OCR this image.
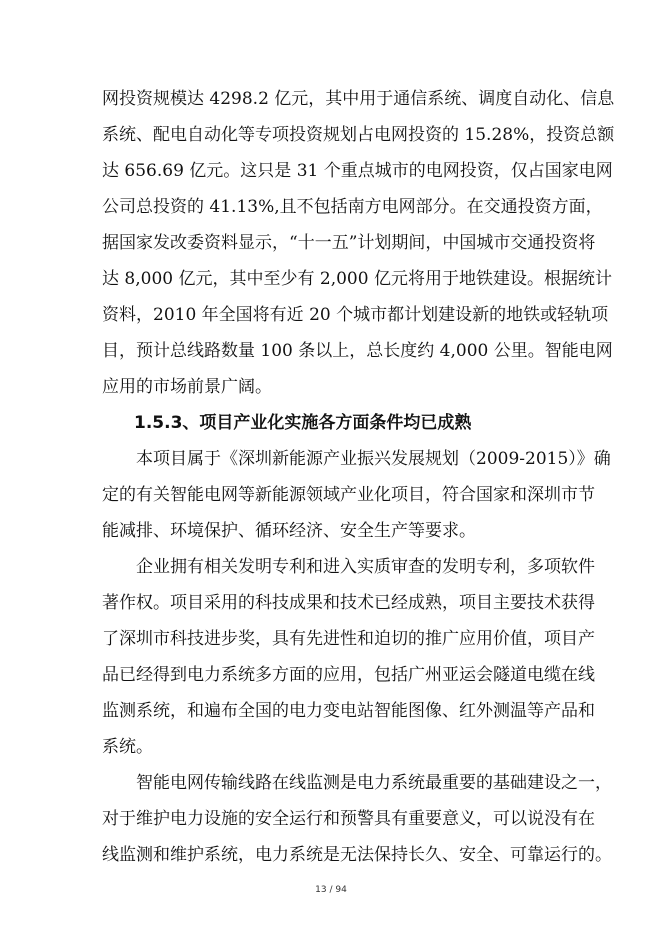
网投资规模达 4298.2 亿元，其中用于通信系统、调度自动化、信息
系统、配电自动化等专项投资规划占电网投资的 15.28%，投资总额
达 656.69 亿元。这只是 31 个重点城市的电网投资，仅占国家电网
公司总投资的 41.13%,且不包括南方电网部分。在交通投资方面，
据国家发改委资料显示，“十一五”计划期间，中国城市交通投资将
达 8,000 亿元，其中至少有 2,000 亿元将用于地铁建设。根据统计
资料，2010 年全国将有近 20 个城市都计划建设新的地铁或轻轨项
目，预计总线路数量 100 条以上，总长度约 4,000 公里。智能电网
应用的市场前景广阔。
1.5.3、项目产业化实施各方面条件均已成熟
本项目属于《深圳新能源产业振兴发展规划（2009-2015）》确
定的有关智能电网等新能源领域产业化项目，符合国家和深圳市节
能减排、环境保护、循环经济、安全生产等要求。
企业拥有相关发明专利和进入实质审查的发明专利，多项软件
著作权。项目采用的科技成果和技术已经成熟，项目主要技术获得
了深圳市科技进步奖，具有先进性和迫切的推广应用价值，项目产
品已经得到电力系统多方面的应用，包括广州亚运会隧道电缆在线
监测系统，和遍布全国的电力变电站智能图像、红外测温等产品和
系统。
智能电网传输线路在线监测是电力系统最重要的基础建设之一，
对于维护电力设施的安全运行和预警具有重要意义，可以说没有在
线监测和维护系统，电力系统是无法保持长久、安全、可靠运行的。
13 / 94
